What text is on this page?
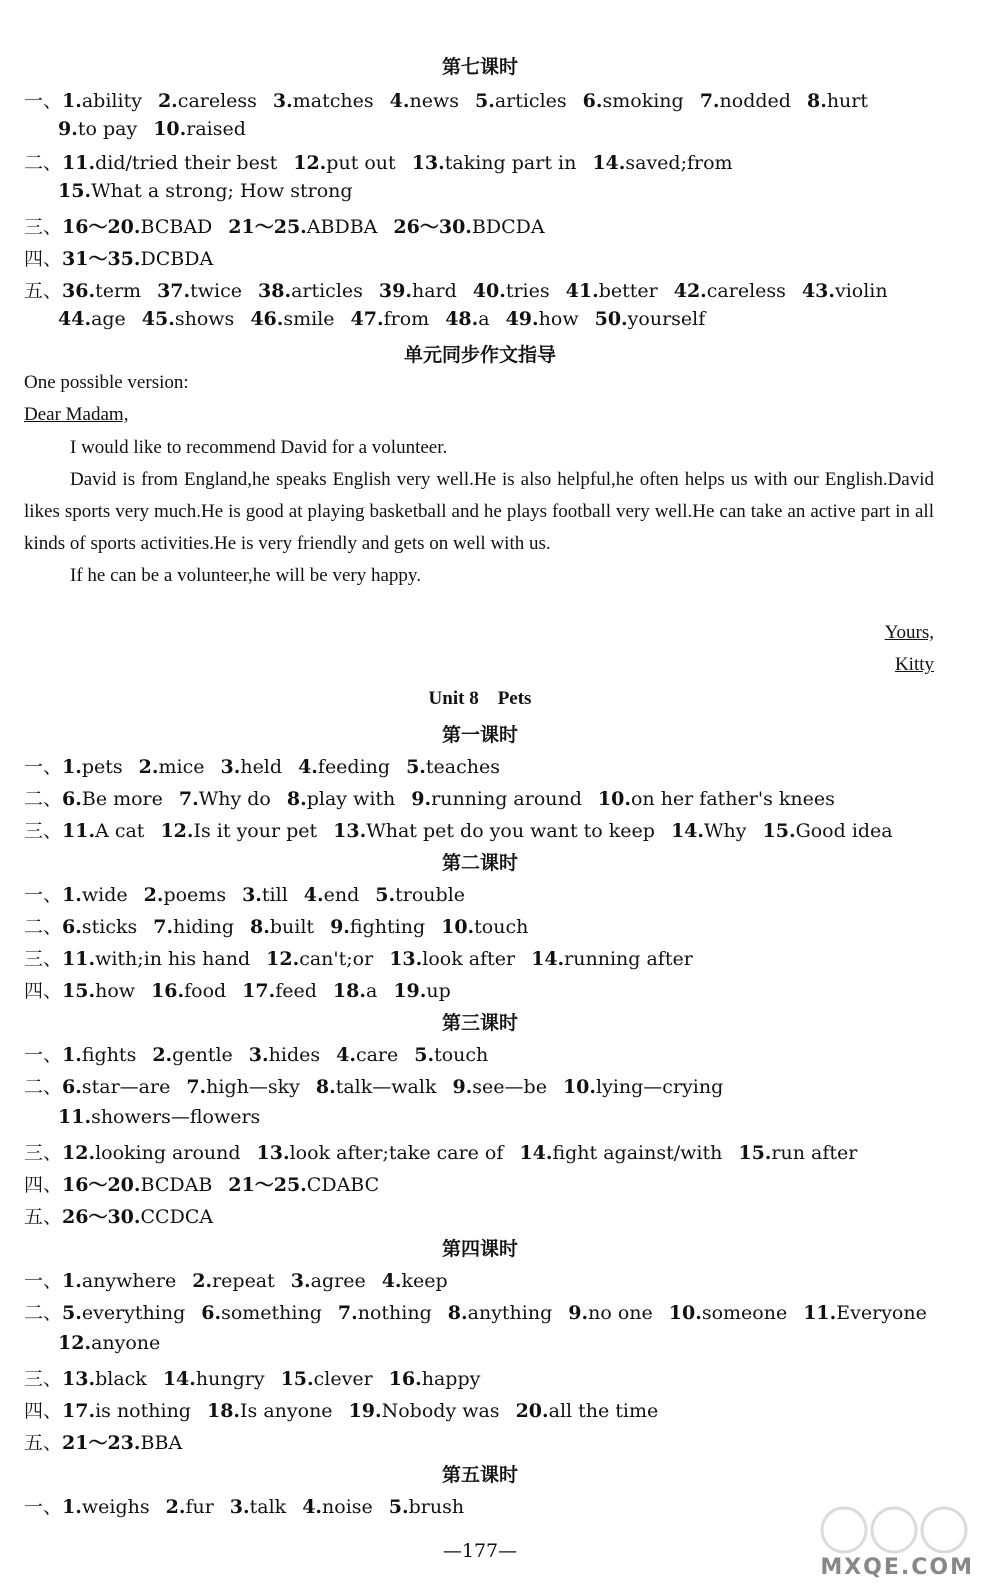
第七课时
一、1.ability 2.careless 3.matches 4.news 5.articles 6.smoking 7.nodded 8.hurt
9.to pay 10.raised
二、11.did/tried their best 12.put out 13.taking part in 14.saved;from
15.What a strong; How strong
三、16～20.BCBAD 21～25.ABDBA 26～30.BDCDA
四、31～35.DCBDA
五、36.term 37.twice 38.articles 39.hard 40.tries 41.better 42.careless 43.violin
44.age 45.shows 46.smile 47.from 48.a 49.how 50.yourself
单元同步作文指导
One possible version:
Dear Madam,

I would like to recommend David for a volunteer.

David is from England,he speaks English very well.He is also helpful,he often helps us with our English.David likes sports very much.He is good at playing basketball and he plays football very well.He can take an active part in all kinds of sports activities.He is very friendly and gets on well with us.

If he can be a volunteer,he will be very happy.

Yours,
Kitty
Unit 8    Pets
第一课时
一、1.pets 2.mice 3.held 4.feeding 5.teaches
二、6.Be more 7.Why do 8.play with 9.running around 10.on her father's knees
三、11.A cat 12.Is it your pet 13.What pet do you want to keep 14.Why 15.Good idea
第二课时
一、1.wide 2.poems 3.till 4.end 5.trouble
二、6.sticks 7.hiding 8.built 9.fighting 10.touch
三、11.with;in his hand 12.can't;or 13.look after 14.running after
四、15.how 16.food 17.feed 18.a 19.up
第三课时
一、1.fights 2.gentle 3.hides 4.care 5.touch
二、6.star—are 7.high—sky 8.talk—walk 9.see—be 10.lying—crying
11.showers—flowers
三、12.looking around 13.look after;take care of 14.fight against/with 15.run after
四、16～20.BCDAB 21～25.CDABC
五、26～30.CCDCA
第四课时
一、1.anywhere 2.repeat 3.agree 4.keep
二、5.everything 6.something 7.nothing 8.anything 9.no one 10.someone 11.Everyone
12.anyone
三、13.black 14.hungry 15.clever 16.happy
四、17.is nothing 18.Is anyone 19.Nobody was 20.all the time
五、21～23.BBA
第五课时
一、1.weighs 2.fur 3.talk 4.noise 5.brush
—177—
MXQE.COM
